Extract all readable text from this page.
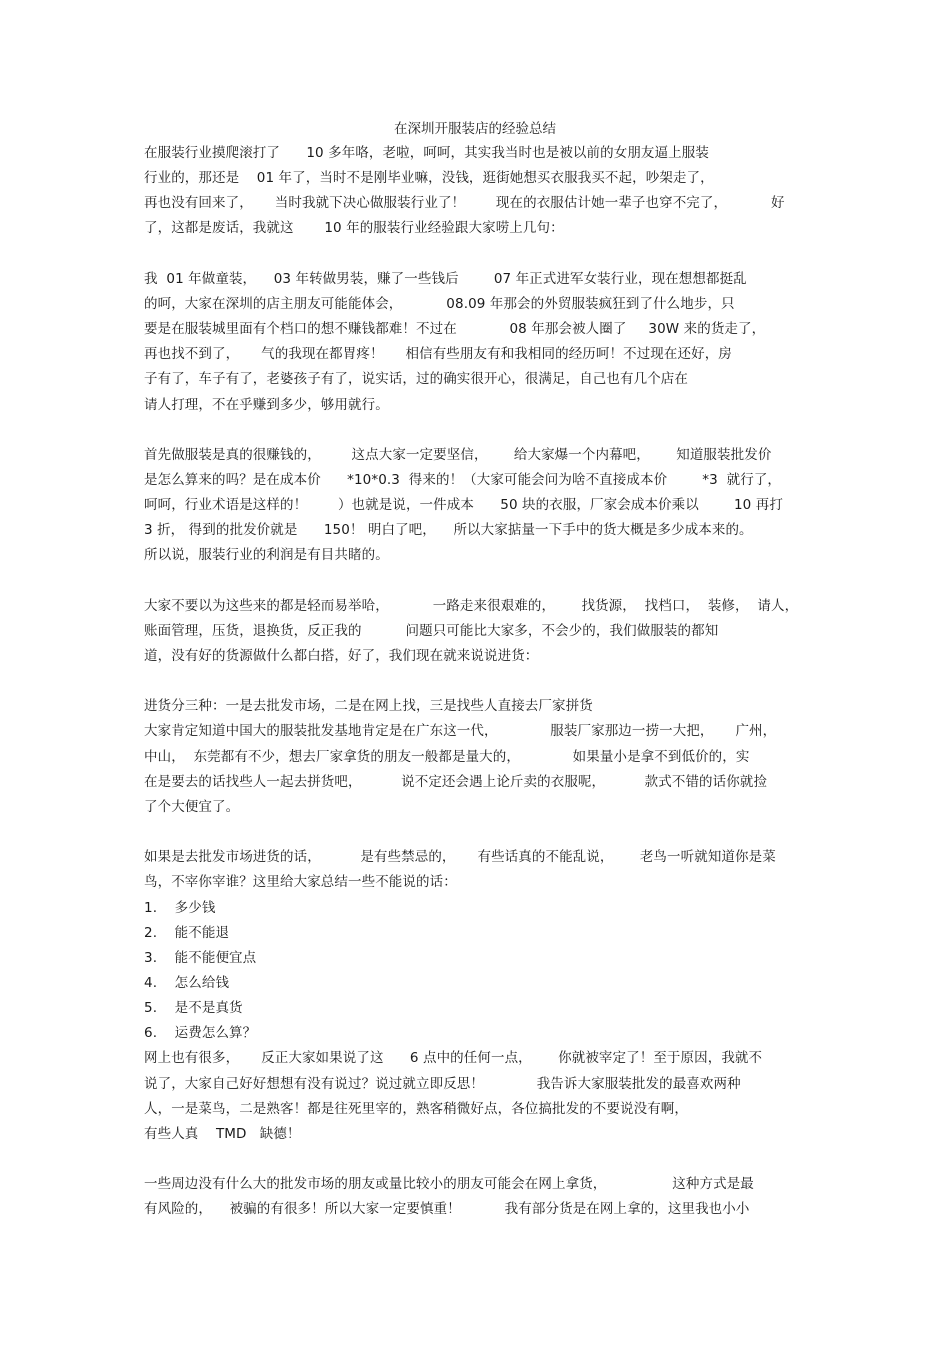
在深圳开服装店的经验总结
在服装行业摸爬滚打了      10 多年咯，老啦，呵呵，其实我当时也是被以前的女朋友逼上服装
行业的，那还是    01 年了，当时不是刚毕业嘛，没钱，逛街她想买衣服我买不起，吵架走了，
再也没有回来了，     当时我就下决心做服装行业了！       现在的衣服估计她一辈子也穿不完了，          好
了，这都是废话，我就这       10 年的服装行业经验跟大家唠上几句：
我  01 年做童装，    03 年转做男装，赚了一些钱后        07 年正式进军女装行业，现在想想都挺乱
的呵，大家在深圳的店主朋友可能能体会，          08.09 年那会的外贸服装疯狂到了什么地步，只
要是在服装城里面有个档口的想不赚钱都难！不过在            08 年那会被人圈了     30W 来的货走了，
再也找不到了，     气的我现在都胃疼！     相信有些朋友有和我相同的经历呵！不过现在还好，房
子有了，车子有了，老婆孩子有了，说实话，过的确实很开心，很满足，自己也有几个店在
请人打理，不在乎赚到多少，够用就行。
首先做服装是真的很赚钱的，       这点大家一定要坚信，      给大家爆一个内幕吧，      知道服装批发价
是怎么算来的吗？是在成本价      *10*0.3  得来的！（大家可能会问为啥不直接成本价        *3  就行了，
呵呵，行业术语是这样的！       ）也就是说，一件成本      50 块的衣服，厂家会成本价乘以        10 再打
3 折， 得到的批发价就是      150！ 明白了吧，    所以大家掂量一下手中的货大概是多少成本来的。
所以说，服装行业的利润是有目共睹的。
大家不要以为这些来的都是轻而易举哈，          一路走来很艰难的，      找货源，  找档口，  装修，  请人，
账面管理，压货，退换货，反正我的          问题只可能比大家多，不会少的，我们做服装的都知
道，没有好的货源做什么都白搭，好了，我们现在就来说说进货：
进货分三种：一是去批发市场，二是在网上找，三是找些人直接去厂家拼货
大家肯定知道中国大的服装批发基地肯定是在广东这一代，            服装厂家那边一捞一大把，     广州，
中山，  东莞都有不少，想去厂家拿货的朋友一般都是量大的，            如果量小是拿不到低价的，实
在是要去的话找些人一起去拼货吧，         说不定还会遇上论斤卖的衣服呢，         款式不错的话你就捡
了个大便宜了。
如果是去批发市场进货的话，         是有些禁忌的，     有些话真的不能乱说，      老鸟一听就知道你是菜
鸟，不宰你宰谁？这里给大家总结一些不能说的话：
1.    多少钱
2.    能不能退
3.    能不能便宜点
4.    怎么给钱
5.    是不是真货
6.    运费怎么算？
网上也有很多，     反正大家如果说了这      6 点中的任何一点，      你就被宰定了！至于原因，我就不
说了，大家自己好好想想有没有说过？说过就立即反思！            我告诉大家服装批发的最喜欢两种
人，一是菜鸟，二是熟客！都是往死里宰的，熟客稍微好点，各位搞批发的不要说没有啊，
有些人真    TMD   缺德！
一些周边没有什么大的批发市场的朋友或量比较小的朋友可能会在网上拿货，               这种方式是最
有风险的，    被骗的有很多！所以大家一定要慎重！          我有部分货是在网上拿的，这里我也小小
